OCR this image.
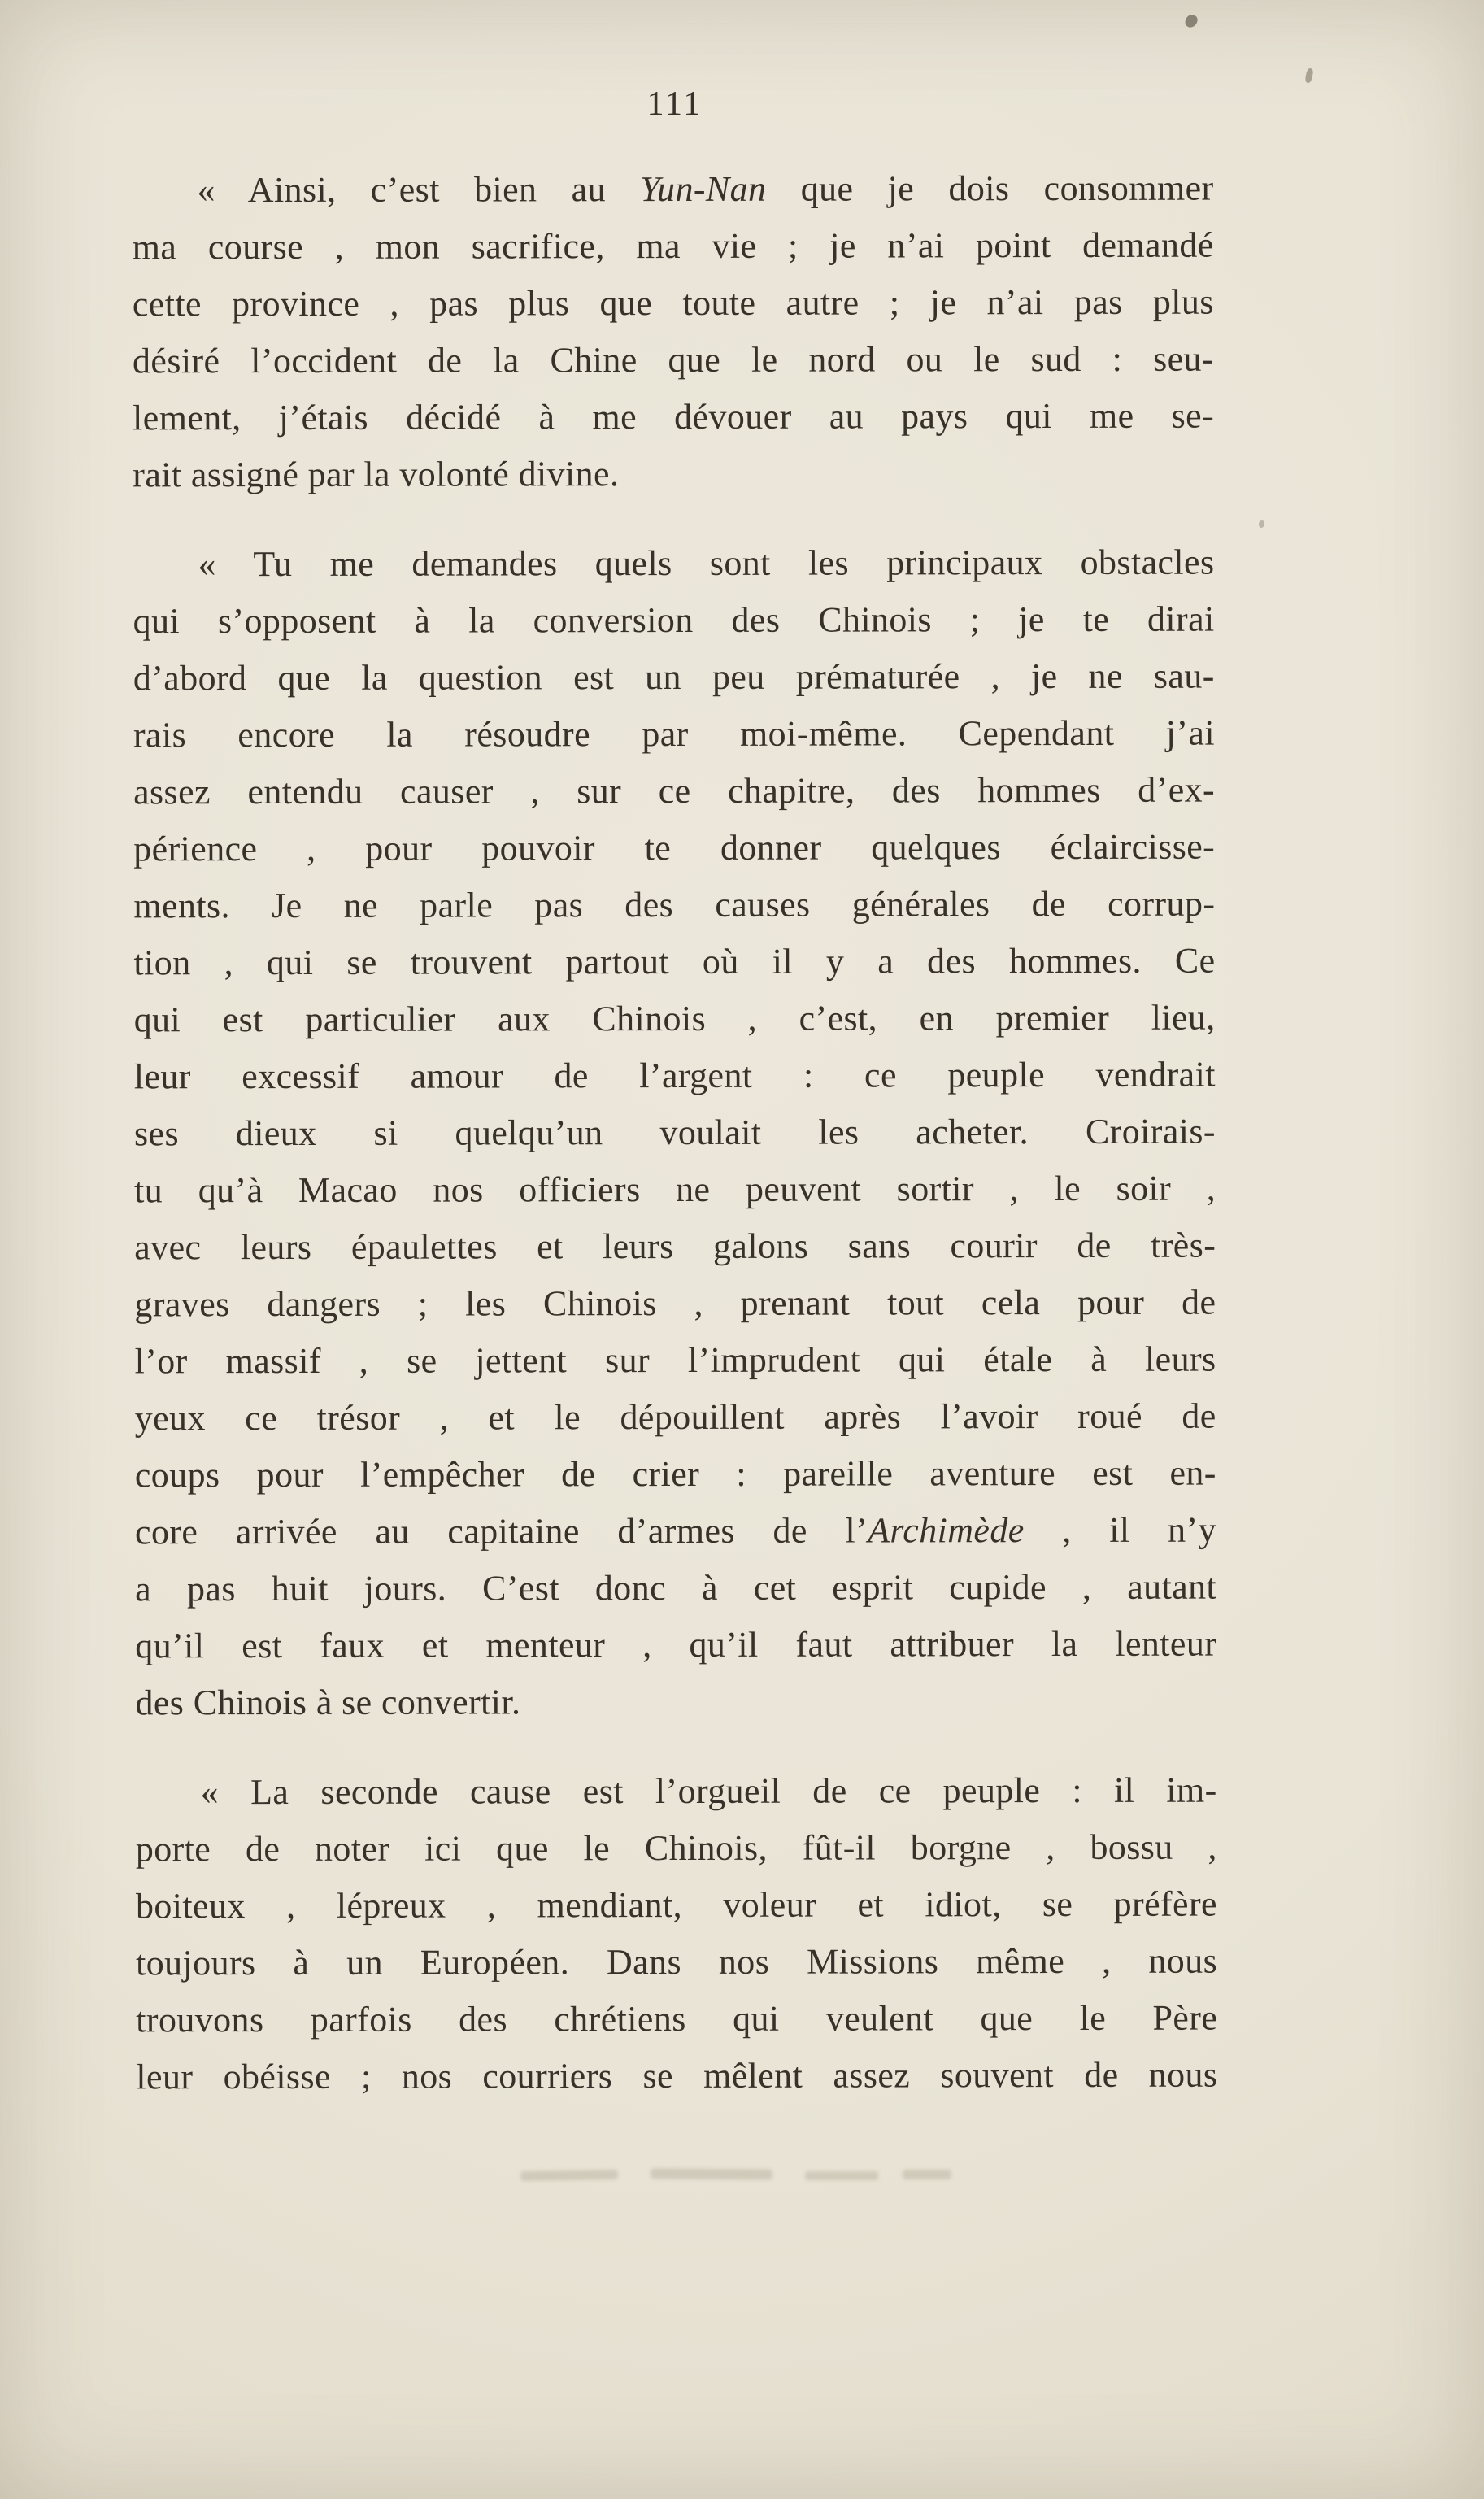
111
« Ainsi, c’est bien au Yun-Nan que je dois consommer
ma course , mon sacrifice, ma vie ; je n’ai point demandé
cette province , pas plus que toute autre ; je n’ai pas plus
désiré l’occident de la Chine que le nord ou le sud : seu-
lement, j’étais décidé à me dévouer au pays qui me se-
rait assigné par la volonté divine.
« Tu me demandes quels sont les principaux obstacles
qui s’opposent à la conversion des Chinois ; je te dirai
d’abord que la question est un peu prématurée , je ne sau-
rais encore la résoudre par moi-même. Cependant j’ai
assez entendu causer , sur ce chapitre, des hommes d’ex-
périence , pour pouvoir te donner quelques éclaircisse-
ments. Je ne parle pas des causes générales de corrup-
tion , qui se trouvent partout où il y a des hommes. Ce
qui est particulier aux Chinois , c’est, en premier lieu,
leur excessif amour de l’argent : ce peuple vendrait
ses dieux si quelqu’un voulait les acheter. Croirais-
tu qu’à Macao nos officiers ne peuvent sortir , le soir ,
avec leurs épaulettes et leurs galons sans courir de très-
graves dangers ; les Chinois , prenant tout cela pour de
l’or massif , se jettent sur l’imprudent qui étale à leurs
yeux ce trésor , et le dépouillent après l’avoir roué de
coups pour l’empêcher de crier : pareille aventure est en-
core arrivée au capitaine d’armes de l’Archimède , il n’y
a pas huit jours. C’est donc à cet esprit cupide , autant
qu’il est faux et menteur , qu’il faut attribuer la lenteur
des Chinois à se convertir.
« La seconde cause est l’orgueil de ce peuple : il im-
porte de noter ici que le Chinois, fût-il borgne , bossu ,
boiteux , lépreux , mendiant, voleur et idiot, se préfère
toujours à un Européen. Dans nos Missions même , nous
trouvons parfois des chrétiens qui veulent que le Père
leur obéisse ; nos courriers se mêlent assez souvent de nous
